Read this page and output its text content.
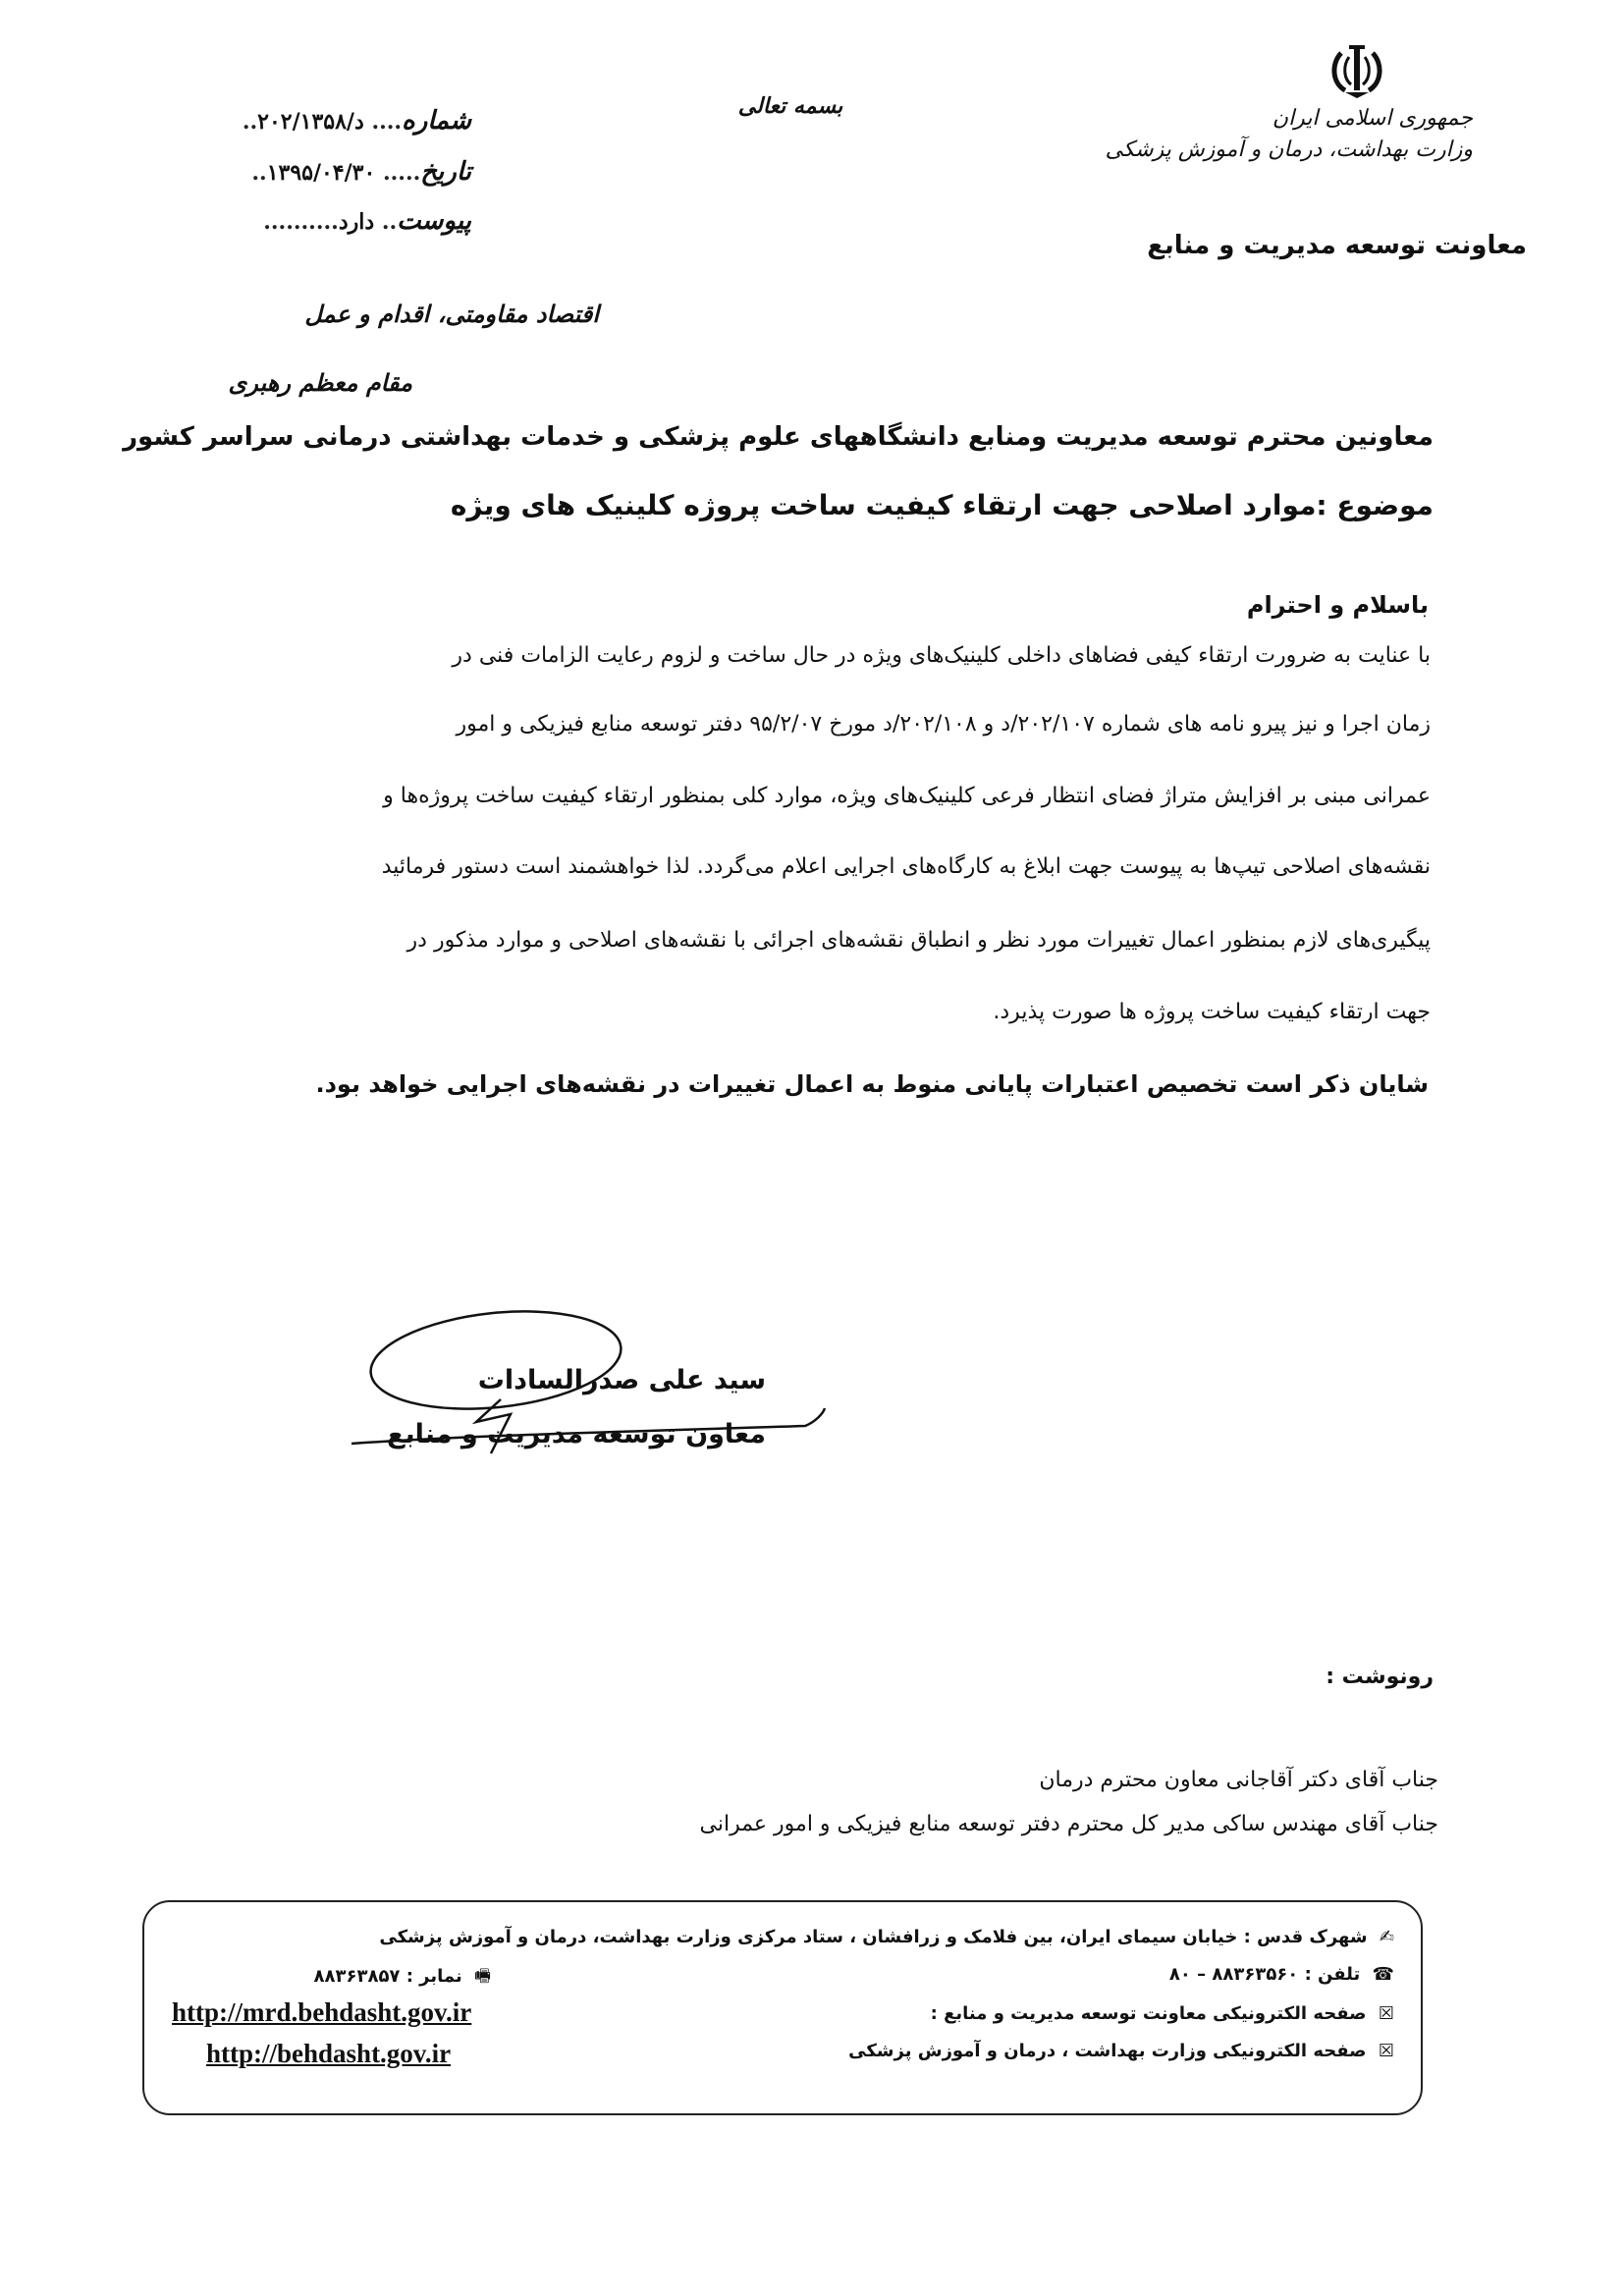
جمهوری اسلامی ایران
وزارت بهداشت، درمان و آموزش پزشکی
معاونت توسعه مدیریت و منابع
بسمه تعالی
شماره.... د/۲۰۲/۱۳۵۸..
تاریخ..... ۱۳۹۵/۰۴/۳۰..
پیوست.. دارد..........
اقتصاد مقاومتی، اقدام و عمل
مقام معظم رهبری
معاونین محترم توسعه مدیریت ومنابع دانشگاههای علوم پزشکی و خدمات بهداشتی درمانی سراسر کشور
موضوع :موارد اصلاحی جهت ارتقاء کیفیت ساخت پروژه کلینیک های ویژه
باسلام و احترام
با عنایت به ضرورت ارتقاء کیفی فضاهای داخلی کلینیک‌های ویژه در حال ساخت و لزوم رعایت الزامات فنی در
زمان اجرا و نیز پیرو نامه های شماره ۲۰۲/۱۰۷/د و ۲۰۲/۱۰۸/د مورخ ۹۵/۲/۰۷ دفتر توسعه منابع فیزیکی و امور
عمرانی مبنی بر افزایش متراژ فضای انتظار فرعی کلینیک‌های ویژه، موارد کلی بمنظور ارتقاء کیفیت ساخت پروژه‌ها و
نقشه‌های اصلاحی تیپ‌ها به پیوست جهت ابلاغ به کارگاه‌های اجرایی اعلام می‌گردد. لذا خواهشمند است دستور فرمائید
پیگیری‌های لازم بمنظور اعمال تغییرات مورد نظر و انطباق نقشه‌های اجرائی با نقشه‌های اصلاحی و موارد مذکور در
جهت ارتقاء کیفیت ساخت پروژه ها صورت پذیرد.
شایان ذکر است تخصیص اعتبارات پایانی منوط به اعمال تغییرات در نقشه‌های اجرایی خواهد بود.
سید علی صدرالسادات
معاون توسعه مدیریت و منابع
رونوشت :
جناب آقای دکتر آقاجانی معاون محترم درمان
جناب آقای مهندس ساکی مدیر کل محترم دفتر توسعه منابع فیزیکی و امور عمرانی
✍ شهرک قدس : خیابان سیمای ایران، بین فلامک و زرافشان ، ستاد مرکزی وزارت بهداشت، درمان و آموزش پزشکی
☎ تلفن : ۸۸۳۶۳۵۶۰ – ۸۰
🖷 نمابر : ۸۸۳۶۳۸۵۷
☒ صفحه الکترونیکی معاونت توسعه مدیریت و منابع :
http://mrd.behdasht.gov.ir
☒ صفحه الکترونیکی وزارت بهداشت ، درمان و آموزش پزشکی
http://behdasht.gov.ir
